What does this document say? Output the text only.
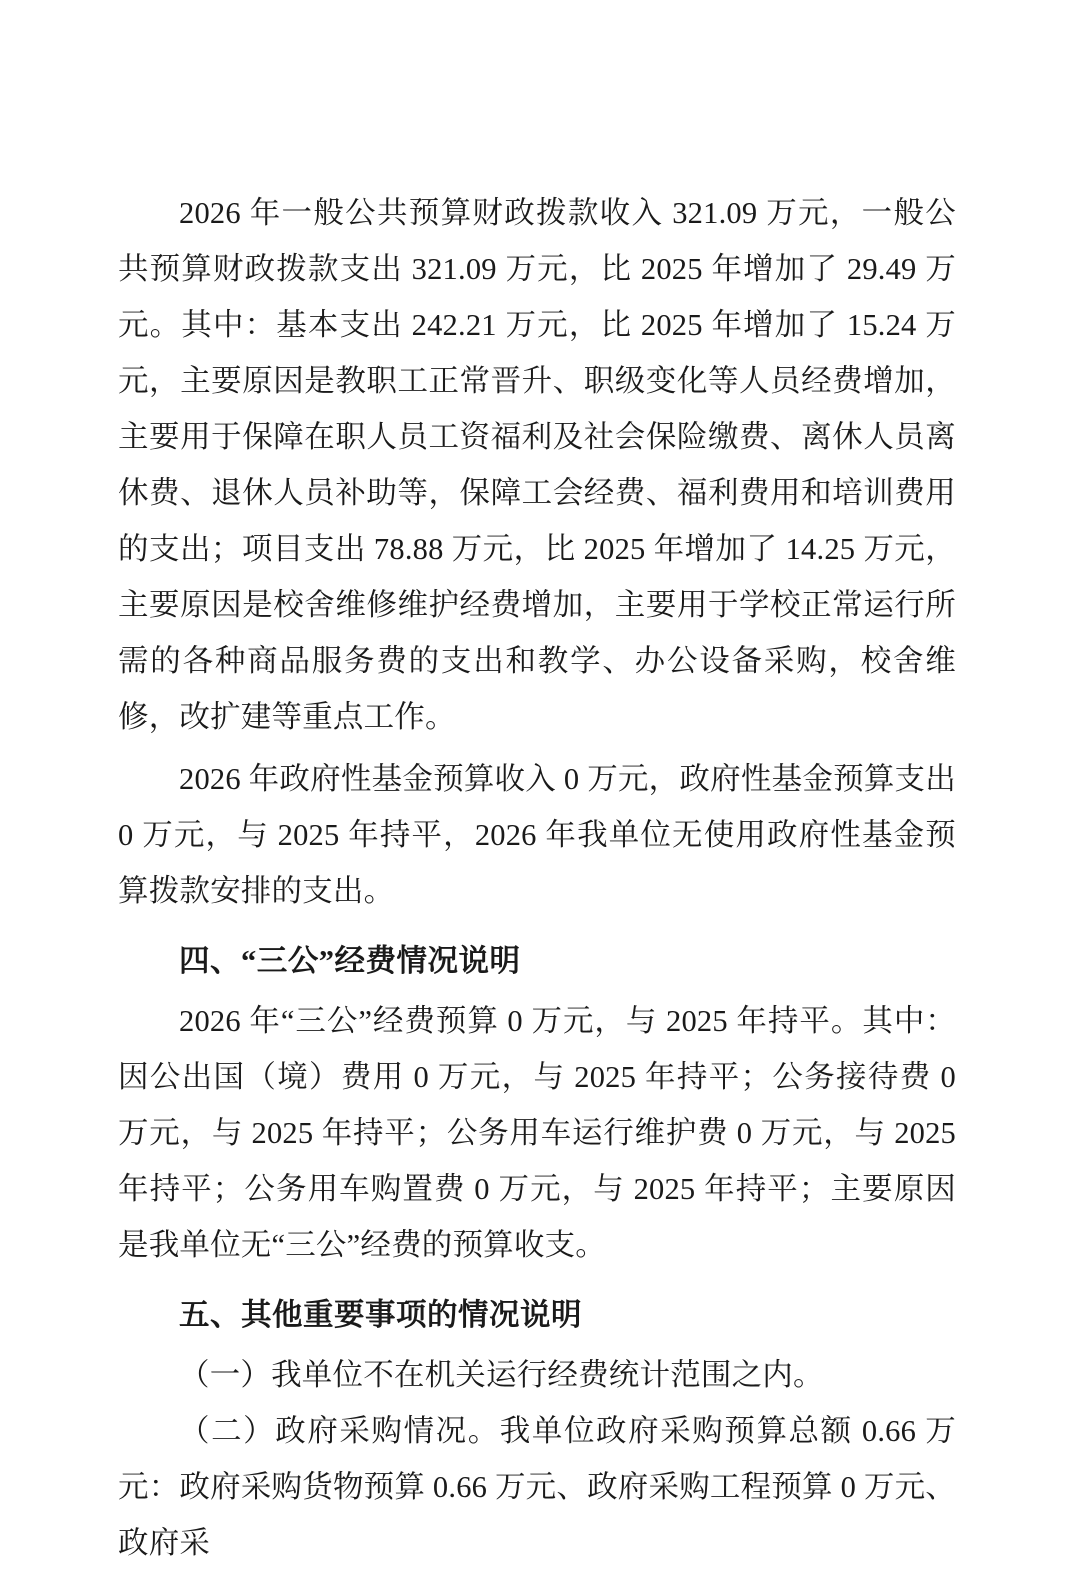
2026 年一般公共预算财政拨款收入 321.09 万元，一般公共预算财政拨款支出 321.09 万元，比 2025 年增加了 29.49 万元。其中：基本支出 242.21 万元，比 2025 年增加了 15.24 万元，主要原因是教职工正常晋升、职级变化等人员经费增加，主要用于保障在职人员工资福利及社会保险缴费、离休人员离休费、退休人员补助等，保障工会经费、福利费用和培训费用的支出；项目支出 78.88 万元，比 2025 年增加了 14.25 万元，主要原因是校舍维修维护经费增加，主要用于学校正常运行所需的各种商品服务费的支出和教学、办公设备采购，校舍维修，改扩建等重点工作。

2026 年政府性基金预算收入 0 万元，政府性基金预算支出 0 万元，与 2025 年持平，2026 年我单位无使用政府性基金预算拨款安排的支出。

四、“三公”经费情况说明

2026 年“三公”经费预算 0 万元，与 2025 年持平。其中：因公出国（境）费用 0 万元，与 2025 年持平；公务接待费 0 万元，与 2025 年持平；公务用车运行维护费 0 万元，与 2025 年持平；公务用车购置费 0 万元，与 2025 年持平；主要原因是我单位无“三公”经费的预算收支。

五、其他重要事项的情况说明

（一）我单位不在机关运行经费统计范围之内。

（二）政府采购情况。我单位政府采购预算总额 0.66 万元：政府采购货物预算 0.66 万元、政府采购工程预算 0 万元、政府采
